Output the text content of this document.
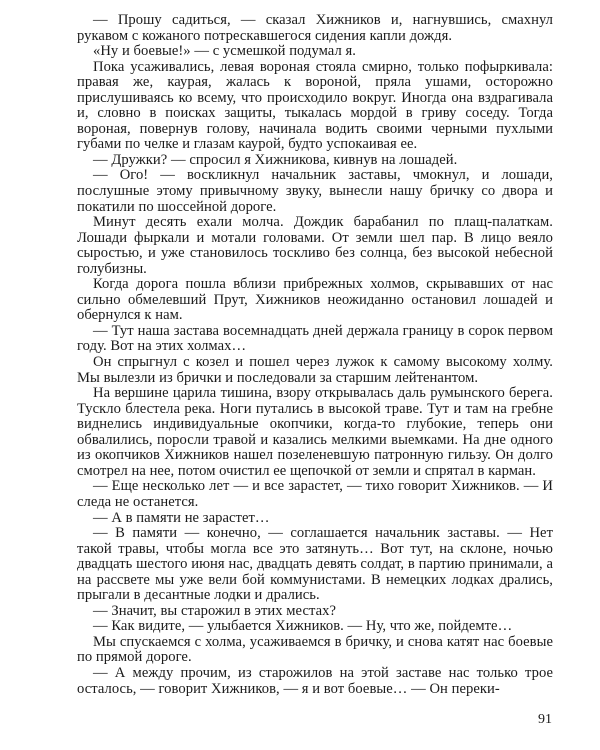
— Прошу садиться, — сказал Хижников и, нагнувшись, смахнул рукавом с кожаного потрескавшегося сидения капли дождя.

«Ну и боевые!» — с усмешкой подумал я.

Пока усаживались, левая вороная стояла смирно, только пофыркивала: правая же, каурая, жалась к вороной, пряла ушами, осторожно прислушиваясь ко всему, что происходило вокруг. Иногда она вздрагивала и, словно в поисках защиты, тыкалась мордой в гриву соседу. Тогда вороная, повернув голову, начинала водить своими черными пухлыми губами по челке и глазам каурой, будто успокаивая ее.

— Дружки? — спросил я Хижникова, кивнув на лошадей.

— Ого! — воскликнул начальник заставы, чмокнул, и лошади, послушные этому привычному звуку, вынесли нашу бричку со двора и покатили по шоссейной дороге.

Минут десять ехали молча. Дождик барабанил по плащ-палаткам. Лошади фыркали и мотали головами. От земли шел пар. В лицо веяло сыростью, и уже становилось тоскливо без солнца, без высокой небесной голубизны.

Когда дорога пошла вблизи прибрежных холмов, скрывавших от нас сильно обмелевший Прут, Хижников неожиданно остановил лошадей и обернулся к нам.

— Тут наша застава восемнадцать дней держала границу в сорок первом году. Вот на этих холмах…

Он спрыгнул с козел и пошел через лужок к самому высокому холму. Мы вылезли из брички и последовали за старшим лейтенантом.

На вершине царила тишина, взору открывалась даль румынского берега. Тускло блестела река. Ноги путались в высокой траве. Тут и там на гребне виднелись индивидуальные окопчики, когда-то глубокие, теперь они обвалились, поросли травой и казались мелкими выемками. На дне одного из окопчиков Хижников нашел позеленевшую патронную гильзу. Он долго смотрел на нее, потом очистил ее щепочкой от земли и спрятал в карман.

— Еще несколько лет — и все зарастет, — тихо говорит Хижников. — И следа не останется.

— А в памяти не зарастет…

— В памяти — конечно, — соглашается начальник заставы. — Нет такой травы, чтобы могла все это затянуть… Вот тут, на склоне, ночью двадцать шестого июня нас, двадцать девять солдат, в партию принимали, а на рассвете мы уже вели бой коммунистами. В немецких лодках дрались, прыгали в десантные лодки и дрались.

— Значит, вы старожил в этих местах?

— Как видите, — улыбается Хижников. — Ну, что же, пойдемте…

Мы спускаемся с холма, усаживаемся в бричку, и снова катят нас боевые по прямой дороге.

— А между прочим, из старожилов на этой заставе нас только трое осталось, — говорит Хижников, — я и вот боевые… — Он переки-

91
